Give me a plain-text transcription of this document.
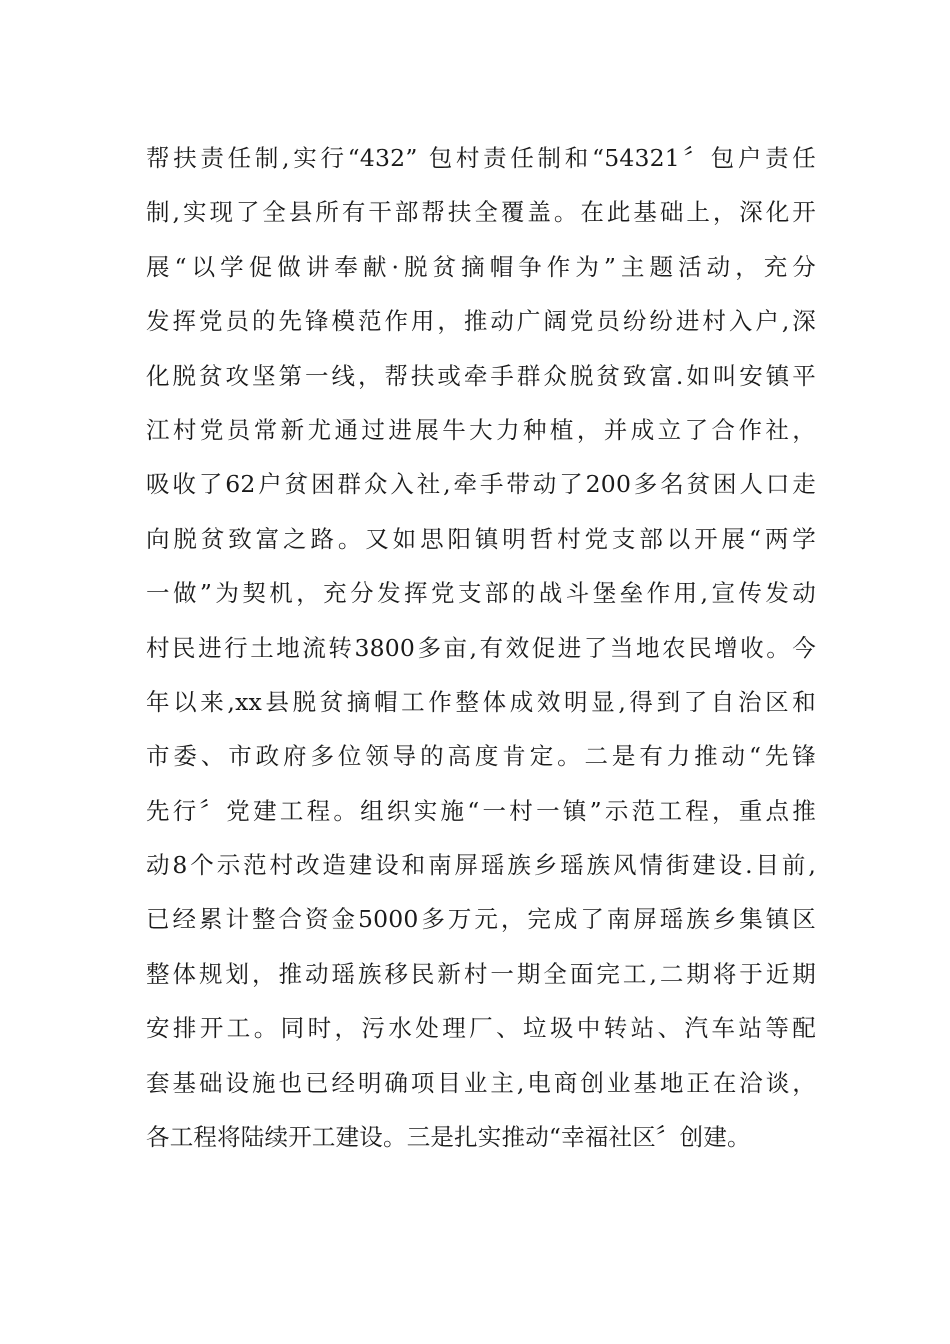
帮扶责任制,实行“432” 包村责任制和“54321〞包户责任
制,实现了全县所有干部帮扶全覆盖。在此基础上，深化开
展“以学促做讲奉献·脱贫摘帽争作为”主题活动，充分
发挥党员的先锋模范作用，推动广阔党员纷纷进村入户,深
化脱贫攻坚第一线，帮扶或牵手群众脱贫致富.如叫安镇平
江村党员常新尤通过进展牛大力种植，并成立了合作社，
吸收了62户贫困群众入社,牵手带动了200多名贫困人口走
向脱贫致富之路。又如思阳镇明哲村党支部以开展“两学
一做”为契机，充分发挥党支部的战斗堡垒作用,宣传发动
村民进行土地流转3800多亩,有效促进了当地农民增收。今
年以来,xx县脱贫摘帽工作整体成效明显,得到了自治区和
市委、市政府多位领导的高度肯定。二是有力推动“先锋
先行〞党建工程。组织实施“一村一镇”示范工程，重点推
动8个示范村改造建设和南屏瑶族乡瑶族风情街建设.目前,
已经累计整合资金5000多万元，完成了南屏瑶族乡集镇区
整体规划，推动瑶族移民新村一期全面完工,二期将于近期
安排开工。同时，污水处理厂、垃圾中转站、汽车站等配
套基础设施也已经明确项目业主,电商创业基地正在洽谈，
各工程将陆续开工建设。三是扎实推动“幸福社区〞创建。
